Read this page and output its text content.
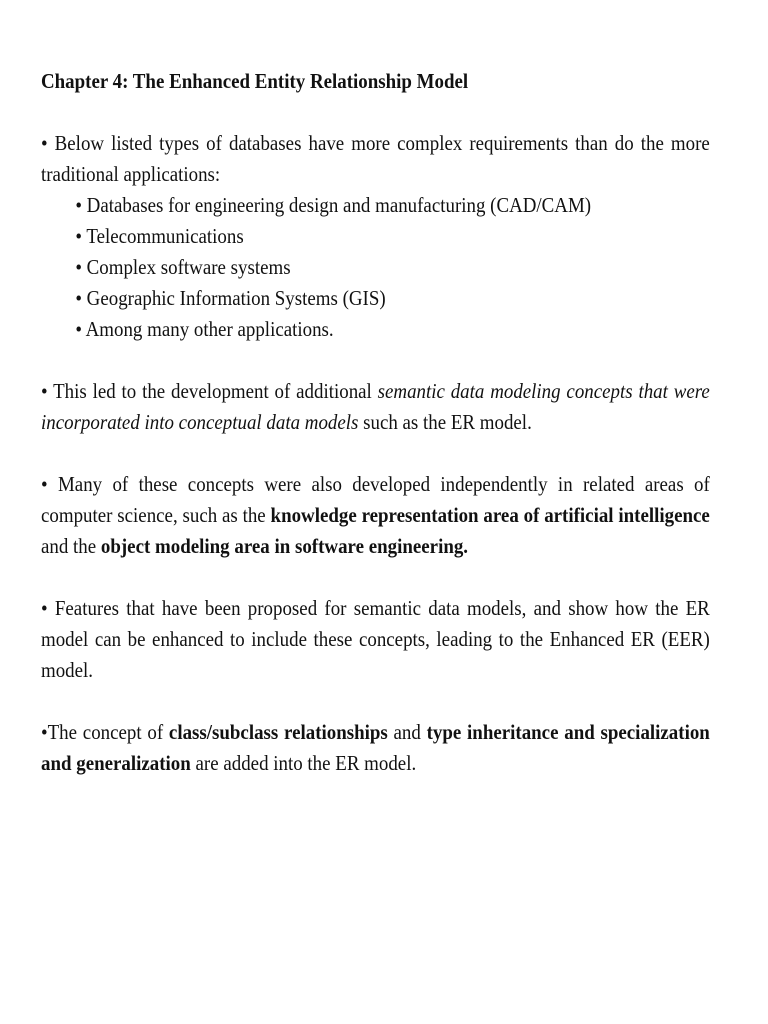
Chapter 4: The Enhanced Entity Relationship Model
• Below listed types of databases have more complex requirements than do the more traditional applications:
• Databases for engineering design and manufacturing (CAD/CAM)
• Telecommunications
• Complex software systems
• Geographic Information Systems (GIS)
• Among many other applications.
• This led to the development of additional semantic data modeling concepts that were incorporated into conceptual data models such as the ER model.
• Many of these concepts were also developed independently in related areas of computer science, such as the knowledge representation area of artificial intelligence and the object modeling area in software engineering.
• Features that have been proposed for semantic data models, and show how the ER model can be enhanced to include these concepts, leading to the Enhanced ER (EER) model.
•The concept of class/subclass relationships and type inheritance and specialization and generalization are added into the ER model.
